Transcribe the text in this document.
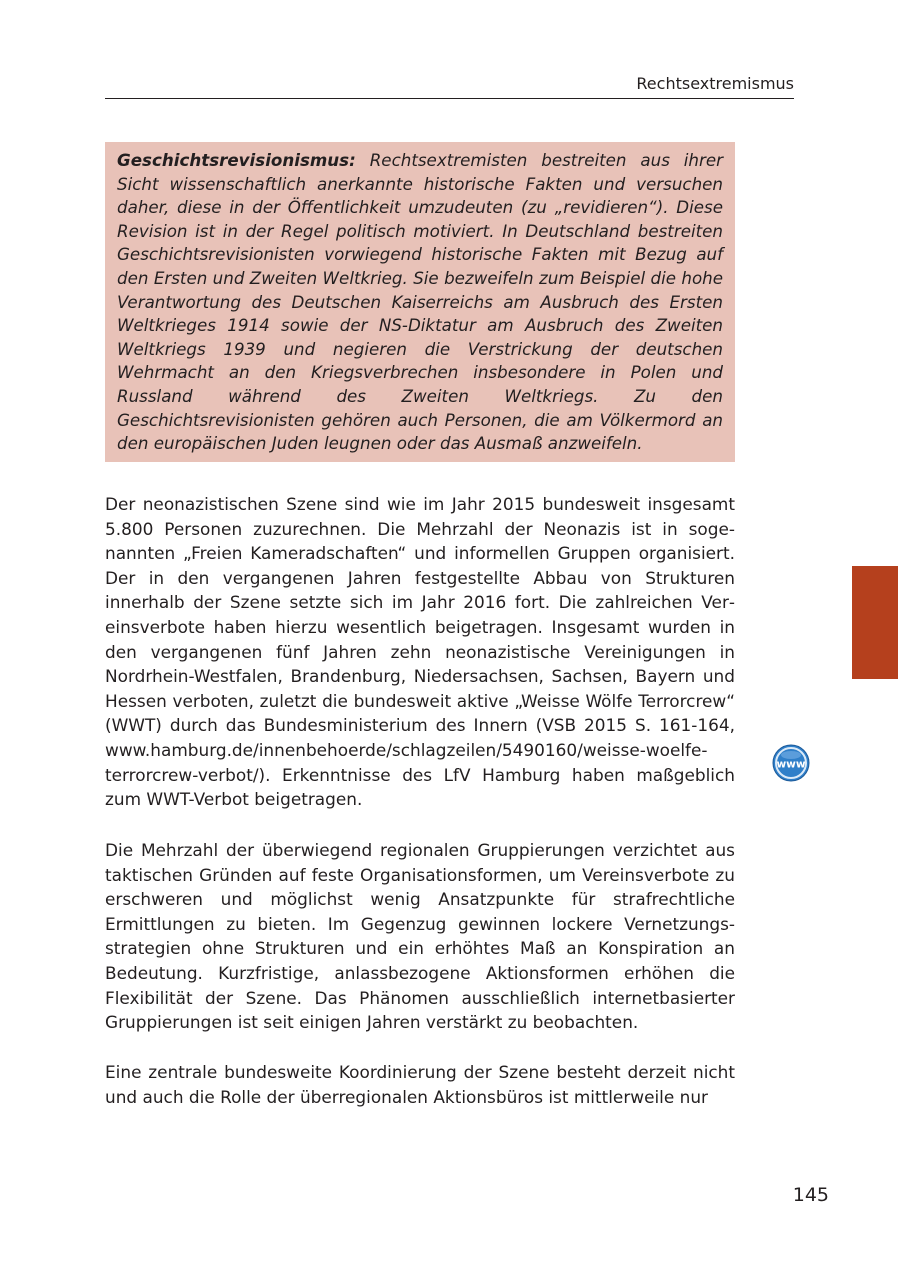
Rechtsextremismus
Geschichtsrevisionismus: Rechtsextremisten bestreiten aus ihrer Sicht wissenschaftlich anerkannte historische Fakten und versuchen daher, diese in der Öffentlichkeit umzudeuten (zu „revidieren“). Diese Revision ist in der Regel politisch motiviert. In Deutschland bestreiten Geschichtsrevisionisten vorwiegend historische Fakten mit Bezug auf den Ersten und Zweiten Weltkrieg. Sie bezweifeln zum Beispiel die hohe Verantwortung des Deutschen Kaiserreichs am Ausbruch des Ersten Weltkrieges 1914 sowie der NS-Diktatur am Ausbruch des Zweiten Weltkriegs 1939 und negieren die Verstrickung der deutschen Wehrmacht an den Kriegsverbrechen insbesondere in Polen und Russland während des Zweiten Weltkriegs. Zu den Geschichtsrevisionisten gehören auch Personen, die am Völkermord an den europäischen Juden leugnen oder das Ausmaß anzweifeln.

Der neonazistischen Szene sind wie im Jahr 2015 bundesweit insgesamt 5.800 Personen zuzurechnen. Die Mehrzahl der Neonazis ist in sogenannten „Freien Kameradschaften“ und informellen Gruppen organisiert. Der in den vergangenen Jahren festgestellte Abbau von Strukturen innerhalb der Szene setzte sich im Jahr 2016 fort. Die zahlreichen Vereinsverbote haben hierzu wesentlich beigetragen. Insgesamt wurden in den vergangenen fünf Jahren zehn neonazistische Vereinigungen in Nordrhein-Westfalen, Brandenburg, Niedersachsen, Sachsen, Bayern und Hessen verboten, zuletzt die bundesweit aktive „Weisse Wölfe Terrorcrew“ (WWT) durch das Bundesministerium des Innern (VSB 2015 S. 161-164, www.hamburg.de/innenbehoerde/schlagzeilen/5490160/​weisse-woelfe-terrorcrew-verbot/). Erkenntnisse des LfV Hamburg haben maßgeblich zum WWT-Verbot beigetragen.

Die Mehrzahl der überwiegend regionalen Gruppierungen verzichtet aus taktischen Gründen auf feste Organisationsformen, um Vereinsverbote zu erschweren und möglichst wenig Ansatzpunkte für strafrechtliche Ermittlungen zu bieten. Im Gegenzug gewinnen lockere Vernetzungsstrategien ohne Strukturen und ein erhöhtes Maß an Konspiration an Bedeutung. Kurzfristige, anlassbezogene Aktionsformen erhöhen die Flexibilität der Szene. Das Phänomen ausschließlich internetbasierter Gruppierungen ist seit einigen Jahren verstärkt zu beobachten.

Eine zentrale bundesweite Koordinierung der Szene besteht derzeit nicht und auch die Rolle der überregionalen Aktionsbüros ist mittlerweile nur

www
145
